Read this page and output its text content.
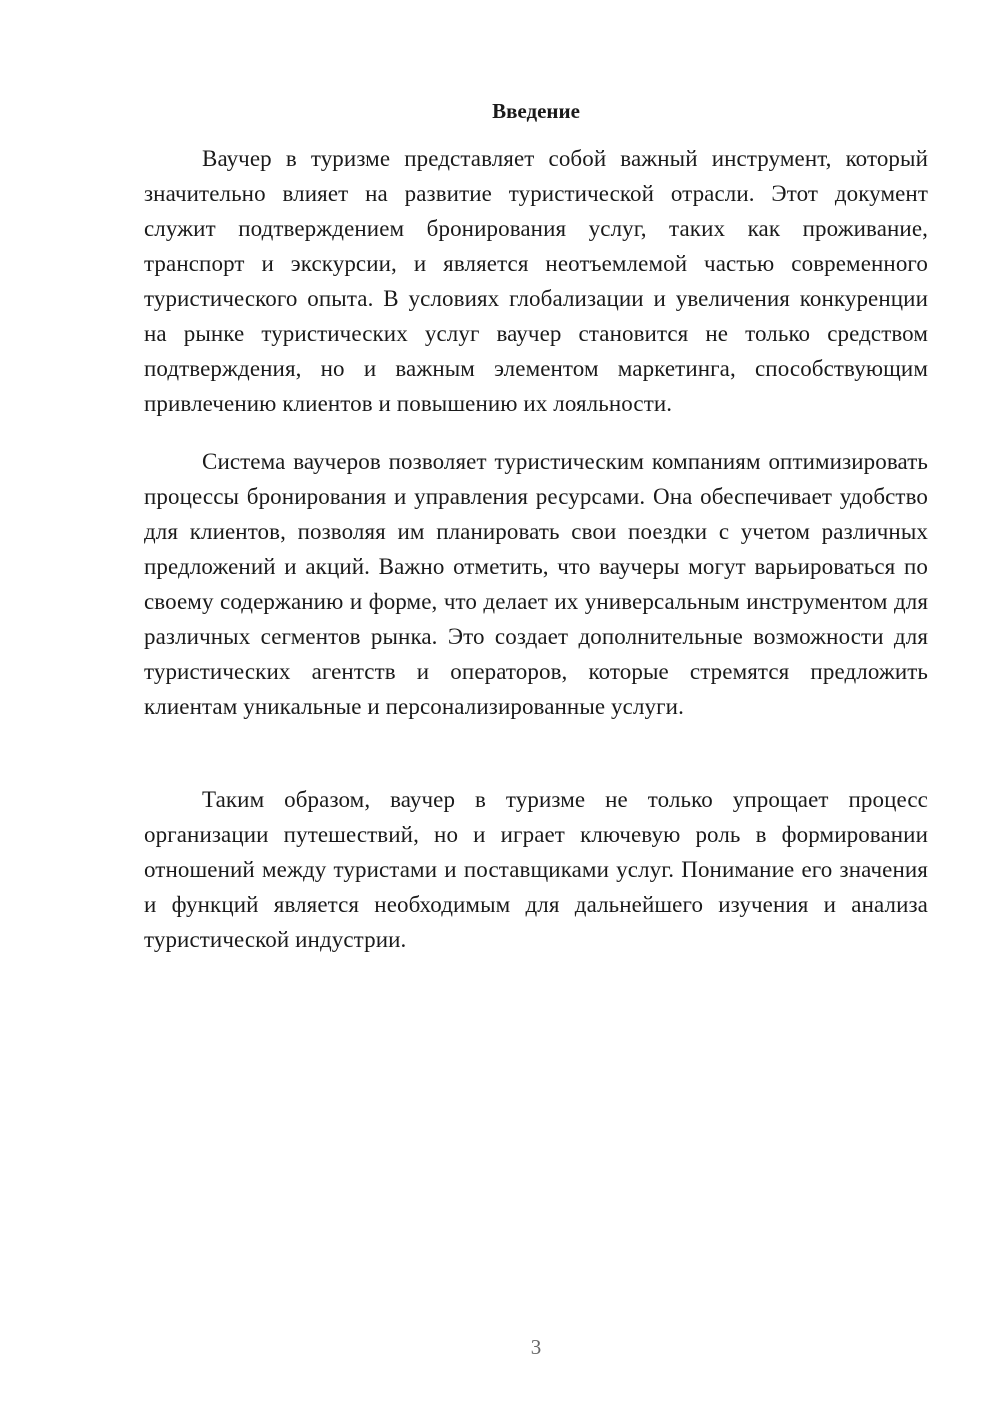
Введение

Ваучер в туризме представляет собой важный инструмент, который значительно влияет на развитие туристической отрасли. Этот документ служит подтверждением бронирования услуг, таких как проживание, транспорт и экскурсии, и является неотъемлемой частью современного туристического опыта. В условиях глобализации и увеличения конкуренции на рынке туристических услуг ваучер становится не только средством подтверждения, но и важным элементом маркетинга, способствующим привлечению клиентов и повышению их лояльности.

Система ваучеров позволяет туристическим компаниям оптимизировать процессы бронирования и управления ресурсами. Она обеспечивает удобство для клиентов, позволяя им планировать свои поездки с учетом различных предложений и акций. Важно отметить, что ваучеры могут варьироваться по своему содержанию и форме, что делает их универсальным инструментом для различных сегментов рынка. Это создает дополнительные возможности для туристических агентств и операторов, которые стремятся предложить клиентам уникальные и персонализированные услуги.

Таким образом, ваучер в туризме не только упрощает процесс организации путешествий, но и играет ключевую роль в формировании отношений между туристами и поставщиками услуг. Понимание его значения и функций является необходимым для дальнейшего изучения и анализа туристической индустрии.

3
